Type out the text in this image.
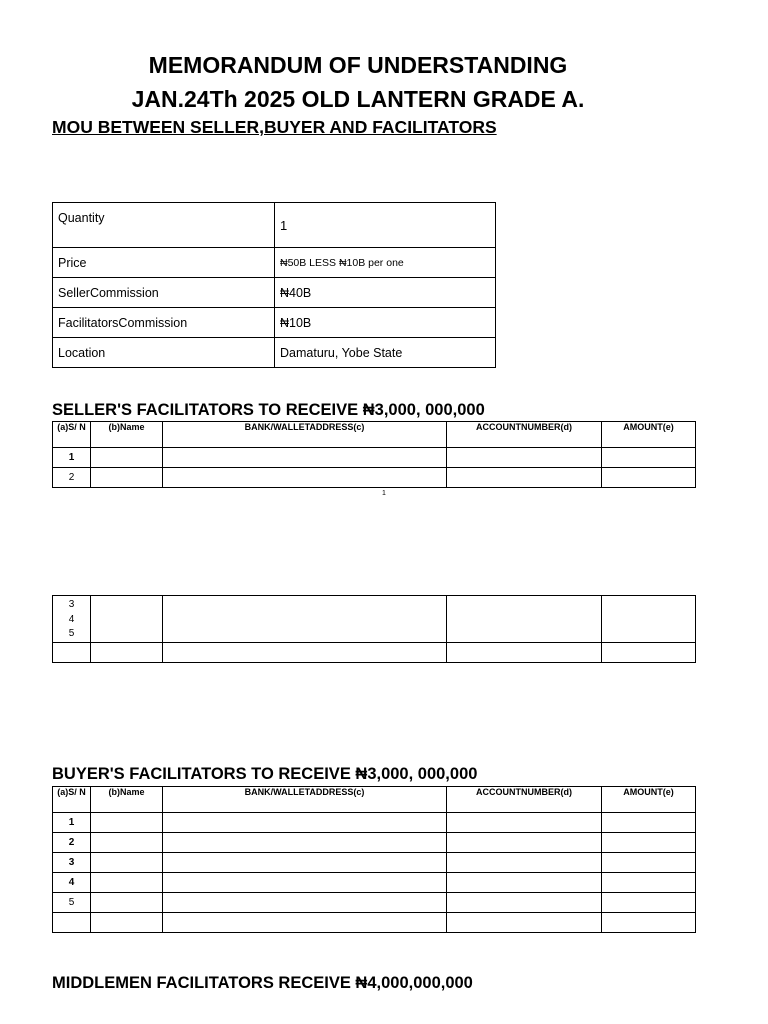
MEMORANDUM OF UNDERSTANDING
JAN.24Th 2025 OLD LANTERN GRADE A.
MOU BETWEEN SELLER,BUYER AND FACILITATORS
Quantity	1
Price	₦50B LESS ₦10B per one
SellerCommission	₦40B
FacilitatorsCommission	₦10B
Location	Damaturu, Yobe State
SELLER'S FACILITATORS TO RECEIVE ₦3,000, 000,000
(a)S/ N	(b)Name	BANK/WALLETADDRESS(c)	ACCOUNTNUMBER(d)	AMOUNT(e)
1				
2				
1
3
4
5				

BUYER'S FACILITATORS TO RECEIVE ₦3,000, 000,000
(a)S/ N	(b)Name	BANK/WALLETADDRESS(c)	ACCOUNTNUMBER(d)	AMOUNT(e)
1				
2				
3				
4				
5				

MIDDLEMEN FACILITATORS RECEIVE ₦4,000,000,000
